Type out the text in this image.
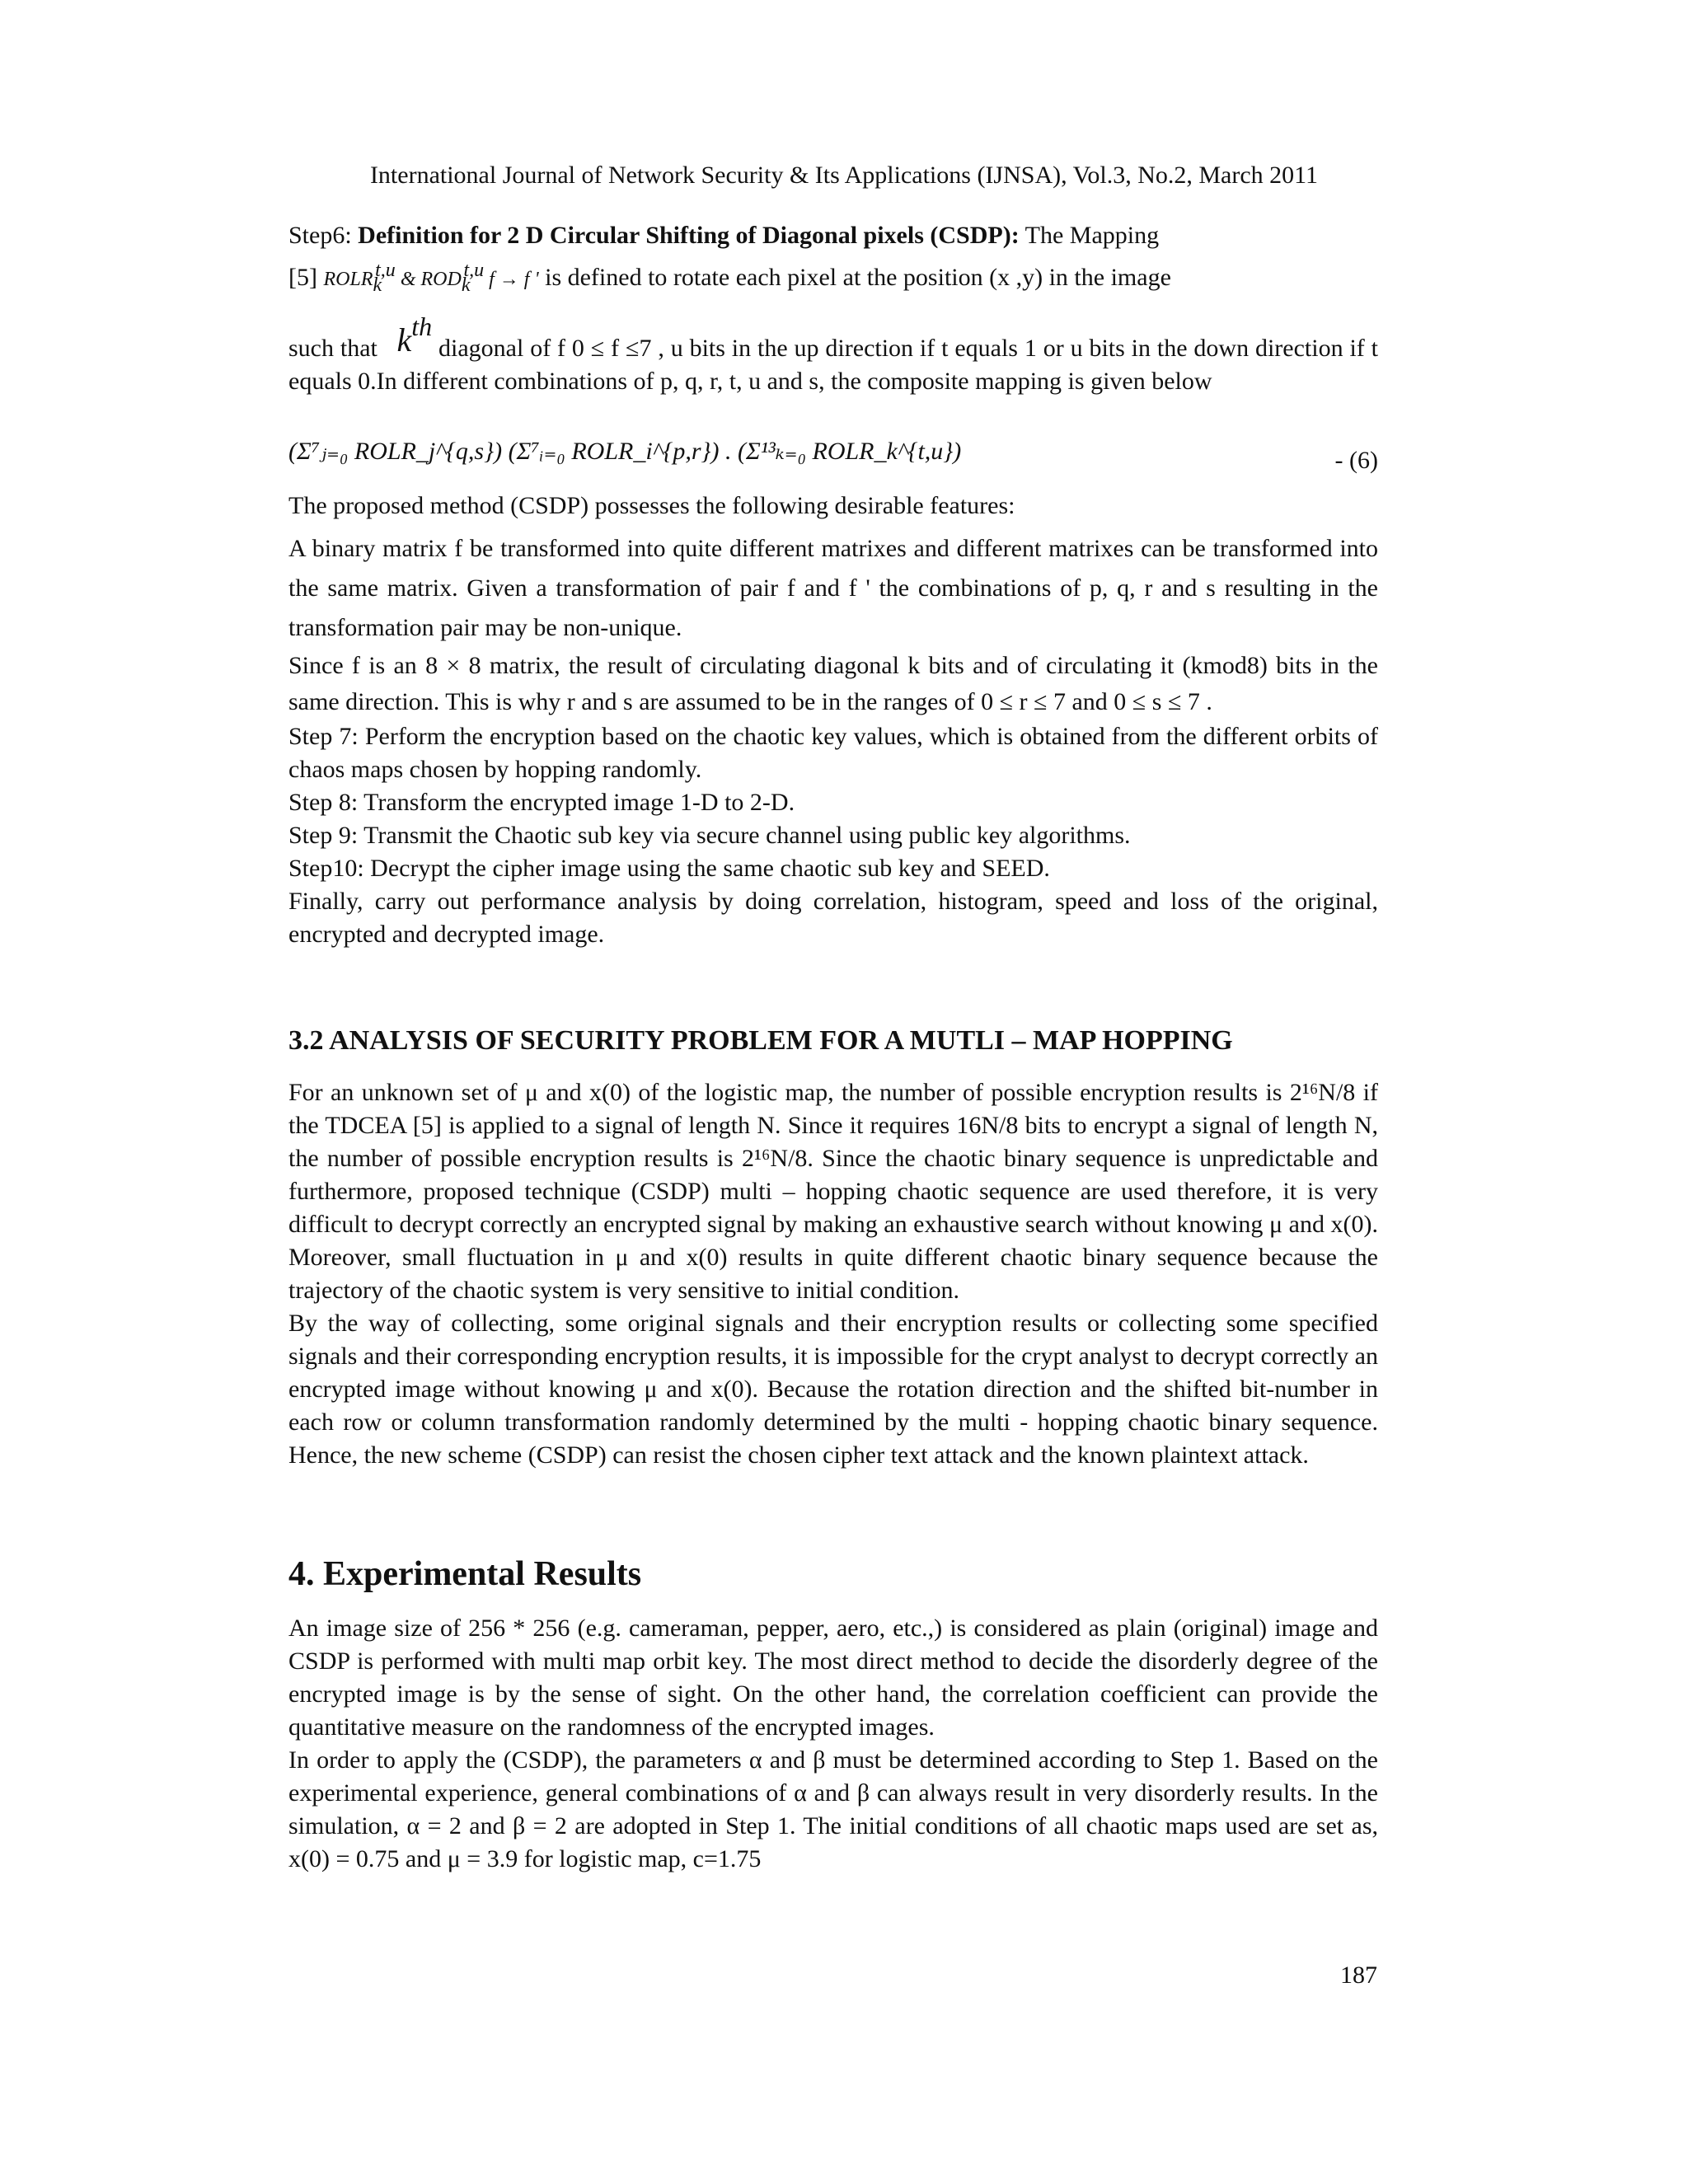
International Journal of Network Security & Its Applications (IJNSA), Vol.3, No.2, March 2011

Step6: Definition for 2 D Circular Shifting of Diagonal pixels (CSDP): The Mapping

[5] $ROLR_k^{t,u}$ & $ROD_k^{t,u}$ f → f ' is defined to rotate each pixel at the position (x ,y) in the image

such that $k^{th}$ diagonal of f 0 ≤ f ≤7 , u bits in the up direction if t equals 1 or u bits in the down direction if t equals 0.In different combinations of p, q, r, t, u and s, the composite mapping is given below

(Σ⁷ⱼ₌₀ ROLR_j^{q,s}) (Σ⁷ᵢ₌₀ ROLR_i^{p,r}) . (Σ¹³ₖ₌₀ ROLR_k^{t,u})	- (6)

The proposed method (CSDP) possesses the following desirable features:

A binary matrix f be transformed into quite different matrixes and different matrixes can be transformed into the same matrix. Given a transformation of pair f and f ' the combinations of p, q, r and s resulting in the transformation pair may be non-unique.

Since f is an 8 × 8 matrix, the result of circulating diagonal k bits and of circulating it (kmod8) bits in the same direction. This is why r and s are assumed to be in the ranges of 0 ≤ r ≤ 7 and 0 ≤ s ≤ 7 .

Step 7: Perform the encryption based on the chaotic key values, which is obtained from the different orbits of chaos maps chosen by hopping randomly.

Step 8: Transform the encrypted image 1-D to 2-D.

Step 9: Transmit the Chaotic sub key via secure channel using public key algorithms.

Step10: Decrypt the cipher image using the same chaotic sub key and SEED.

Finally, carry out performance analysis by doing correlation, histogram, speed and loss of the original, encrypted and decrypted image.

3.2 ANALYSIS OF SECURITY PROBLEM FOR A MUTLI – MAP HOPPING

For an unknown set of μ and x(0) of the logistic map, the number of possible encryption results is 2¹⁶N/8 if the TDCEA [5] is applied to a signal of length N. Since it requires 16N/8 bits to encrypt a signal of length N, the number of possible encryption results is 2¹⁶N/8. Since the chaotic binary sequence is unpredictable and furthermore, proposed technique (CSDP) multi – hopping chaotic sequence are used therefore, it is very difficult to decrypt correctly an encrypted signal by making an exhaustive search without knowing μ and x(0). Moreover, small fluctuation in μ and x(0) results in quite different chaotic binary sequence because the trajectory of the chaotic system is very sensitive to initial condition.

By the way of collecting, some original signals and their encryption results or collecting some specified signals and their corresponding encryption results, it is impossible for the crypt analyst to decrypt correctly an encrypted image without knowing μ and x(0). Because the rotation direction and the shifted bit-number in each row or column transformation randomly determined by the multi - hopping chaotic binary sequence. Hence, the new scheme (CSDP) can resist the chosen cipher text attack and the known plaintext attack.

4. Experimental Results

An image size of 256 * 256 (e.g. cameraman, pepper, aero, etc.,) is considered as plain (original) image and CSDP is performed with multi map orbit key. The most direct method to decide the disorderly degree of the encrypted image is by the sense of sight. On the other hand, the correlation coefficient can provide the quantitative measure on the randomness of the encrypted images.

In order to apply the (CSDP), the parameters α and β must be determined according to Step 1. Based on the experimental experience, general combinations of α and β can always result in very disorderly results. In the simulation, α = 2 and β = 2 are adopted in Step 1. The initial conditions of all chaotic maps used are set as, x(0) = 0.75 and μ = 3.9 for logistic map, c=1.75

187
